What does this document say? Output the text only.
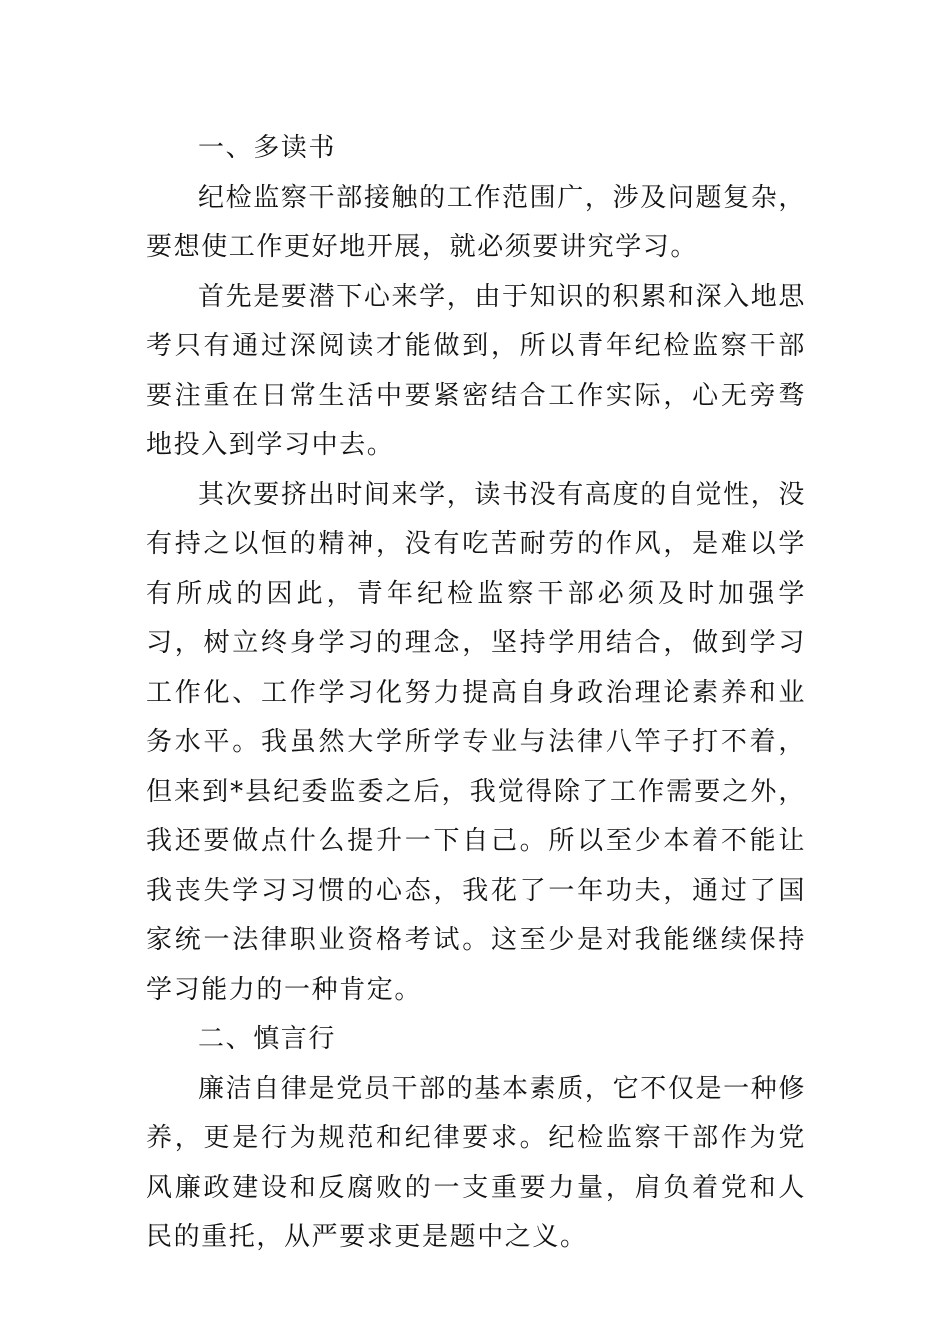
一、多读书

纪检监察干部接触的工作范围广，涉及问题复杂，要想使工作更好地开展，就必须要讲究学习。

首先是要潜下心来学，由于知识的积累和深入地思考只有通过深阅读才能做到，所以青年纪检监察干部要注重在日常生活中要紧密结合工作实际，心无旁骛地投入到学习中去。

其次要挤出时间来学，读书没有高度的自觉性，没有持之以恒的精神，没有吃苦耐劳的作风，是难以学有所成的因此，青年纪检监察干部必须及时加强学习，树立终身学习的理念，坚持学用结合，做到学习工作化、工作学习化努力提高自身政治理论素养和业务水平。我虽然大学所学专业与法律八竿子打不着，但来到*县纪委监委之后，我觉得除了工作需要之外，我还要做点什么提升一下自己。所以至少本着不能让我丧失学习习惯的心态，我花了一年功夫，通过了国家统一法律职业资格考试。这至少是对我能继续保持学习能力的一种肯定。

二、慎言行

廉洁自律是党员干部的基本素质，它不仅是一种修养，更是行为规范和纪律要求。纪检监察干部作为党风廉政建设和反腐败的一支重要力量，肩负着党和人民的重托，从严要求更是题中之义。
